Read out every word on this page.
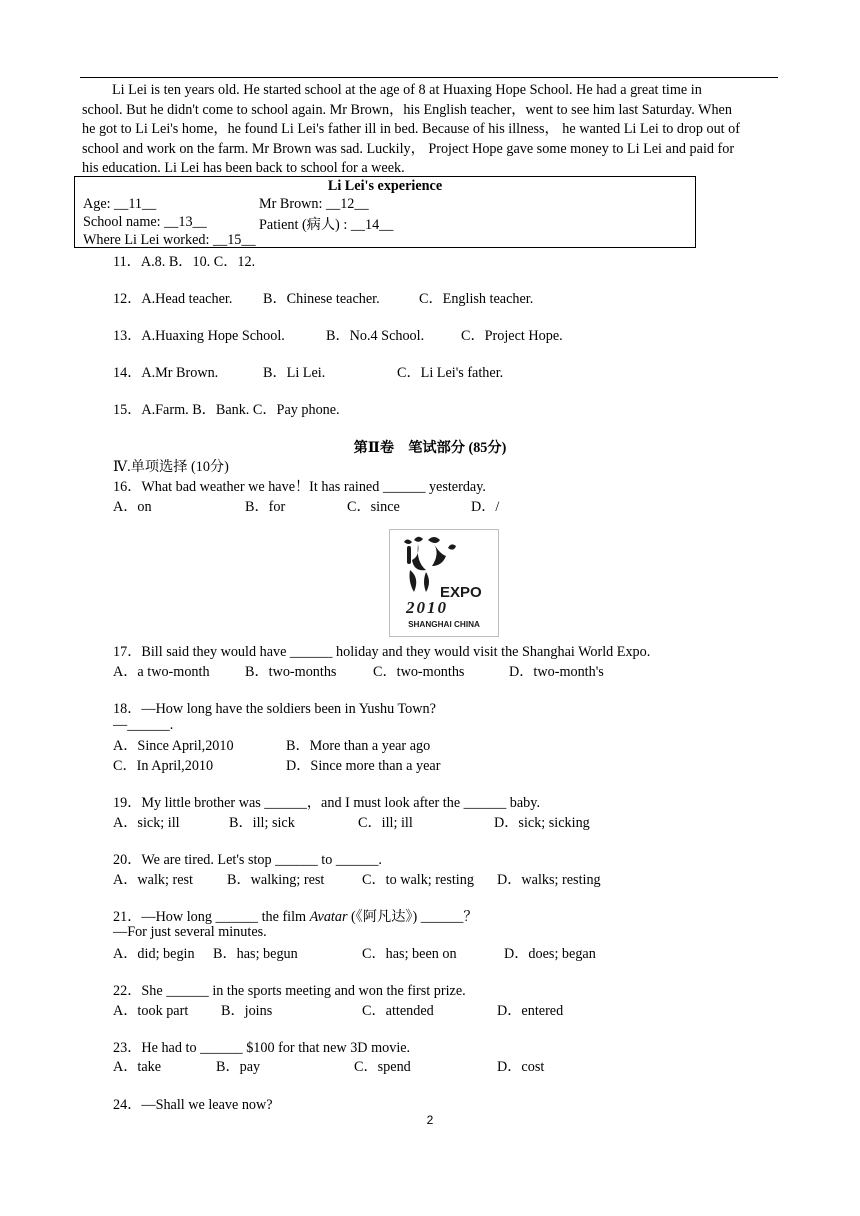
Li Lei is ten years old. He started school at the age of 8 at Huaxing Hope School. He had a great time in
school. But he didn't come to school again. Mr Brown，his English teacher，went to see him last Saturday. When
he got to Li Lei's home，he found Li Lei's father ill in bed. Because of his illness， he wanted Li Lei to drop out of
school and work on the farm. Mr Brown was sad. Luckily， Project Hope gave some money to Li Lei and paid for
his education. Li Lei has been back to school for a week.
Li Lei's experience
Age: __11__	Mr Brown: __12__
School name: __13__	Patient (病人) : __14__
Where Li Lei worked: __15__
11．A.8. B．10. C．12.
12．A.Head teacher. B．Chinese teacher.	C．English teacher.
13．A.Huaxing Hope School.	B．No.4 School.	C．Project Hope.
14．A.Mr Brown.	B．Li Lei.	C．Li Lei's father.
15．A.Farm. B．Bank. C．Pay phone.
第Ⅱ卷　笔试部分 (85分)
Ⅳ.单项选择 (10分)
16．What bad weather we have！It has rained ______ yesterday.
A．on	B．for	C．since	D．/
EXPO
2010
SHANGHAI CHINA
17．Bill said they would have ______ holiday and they would visit the Shanghai World Expo.
A．a two-month B．two-months	C．two-months	D．two-month's
18．—How long have the soldiers been in Yushu Town?
—______.
A．Since April,2010	B．More than a year ago
C．In April,2010	D．Since more than a year
19．My little brother was ______，and I must look after the ______ baby.
A．sick; ill	B．ill; sick	C．ill; ill	D．sick; sicking
20．We are tired. Let's stop ______ to ______.
A．walk; rest B．walking; rest	C．to walk; resting D．walks; resting
21．—How long ______ the film Avatar (《阿凡达》) ______？
—For just several minutes.
A．did; begin B．has; begun	C．has; been on	D．does; began
22．She ______ in the sports meeting and won the first prize.
A．took part B．joins	C．attended	D．entered
23．He had to ______ $100 for that new 3D movie.
A．take	B．pay	C．spend	D．cost
24．—Shall we leave now?
2
